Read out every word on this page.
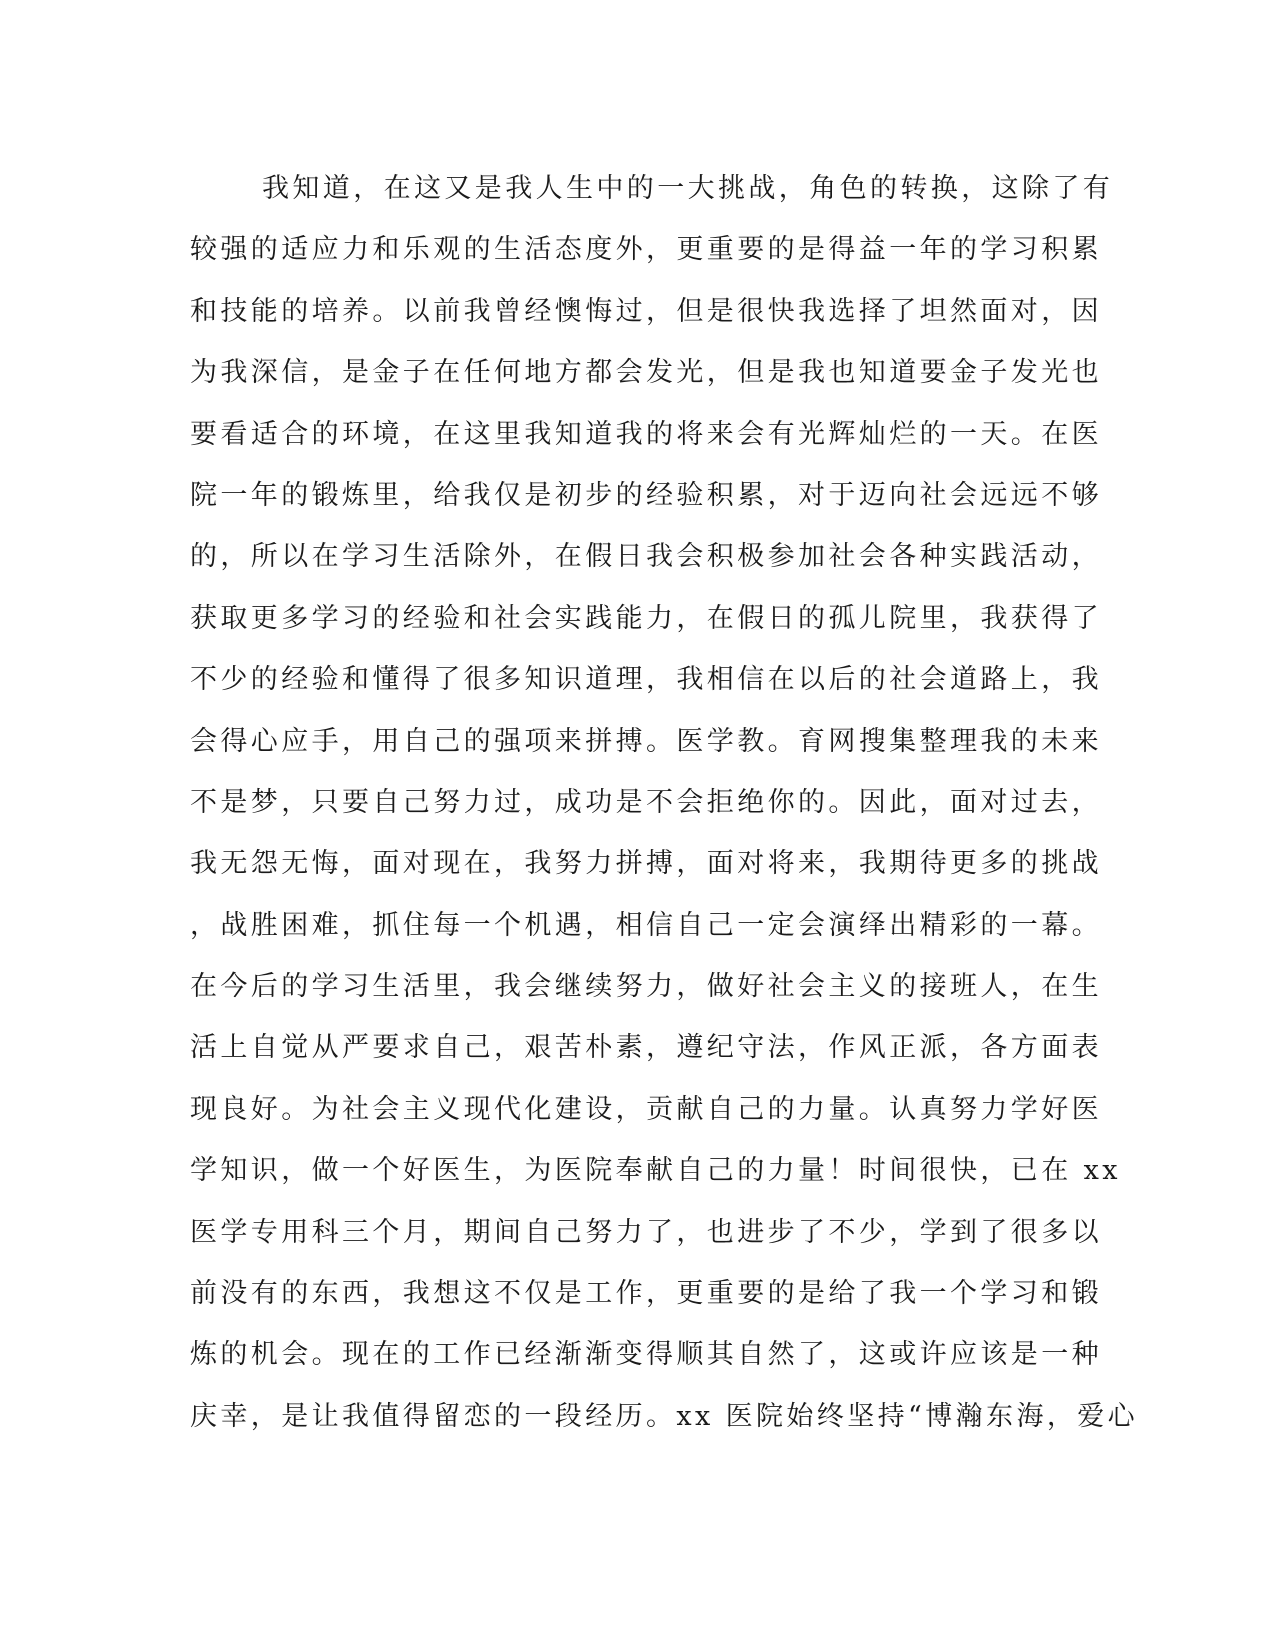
我知道，在这又是我人生中的一大挑战，角色的转换，这除了有
较强的适应力和乐观的生活态度外，更重要的是得益一年的学习积累
和技能的培养。以前我曾经懊悔过，但是很快我选择了坦然面对，因
为我深信，是金子在任何地方都会发光，但是我也知道要金子发光也
要看适合的环境，在这里我知道我的将来会有光辉灿烂的一天。在医
院一年的锻炼里，给我仅是初步的经验积累，对于迈向社会远远不够
的，所以在学习生活除外，在假日我会积极参加社会各种实践活动，
获取更多学习的经验和社会实践能力，在假日的孤儿院里，我获得了
不少的经验和懂得了很多知识道理，我相信在以后的社会道路上，我
会得心应手，用自己的强项来拼搏。医学教。育网搜集整理我的未来
不是梦，只要自己努力过，成功是不会拒绝你的。因此，面对过去，
我无怨无悔，面对现在，我努力拼搏，面对将来，我期待更多的挑战
，战胜困难，抓住每一个机遇，相信自己一定会演绎出精彩的一幕。
在今后的学习生活里，我会继续努力，做好社会主义的接班人，在生
活上自觉从严要求自己，艰苦朴素，遵纪守法，作风正派，各方面表
现良好。为社会主义现代化建设，贡献自己的力量。认真努力学好医
学知识，做一个好医生，为医院奉献自己的力量！时间很快，已在 xx
医学专用科三个月，期间自己努力了，也进步了不少，学到了很多以
前没有的东西，我想这不仅是工作，更重要的是给了我一个学习和锻
炼的机会。现在的工作已经渐渐变得顺其自然了，这或许应该是一种
庆幸，是让我值得留恋的一段经历。xx 医院始终坚持“博瀚东海，爱心
